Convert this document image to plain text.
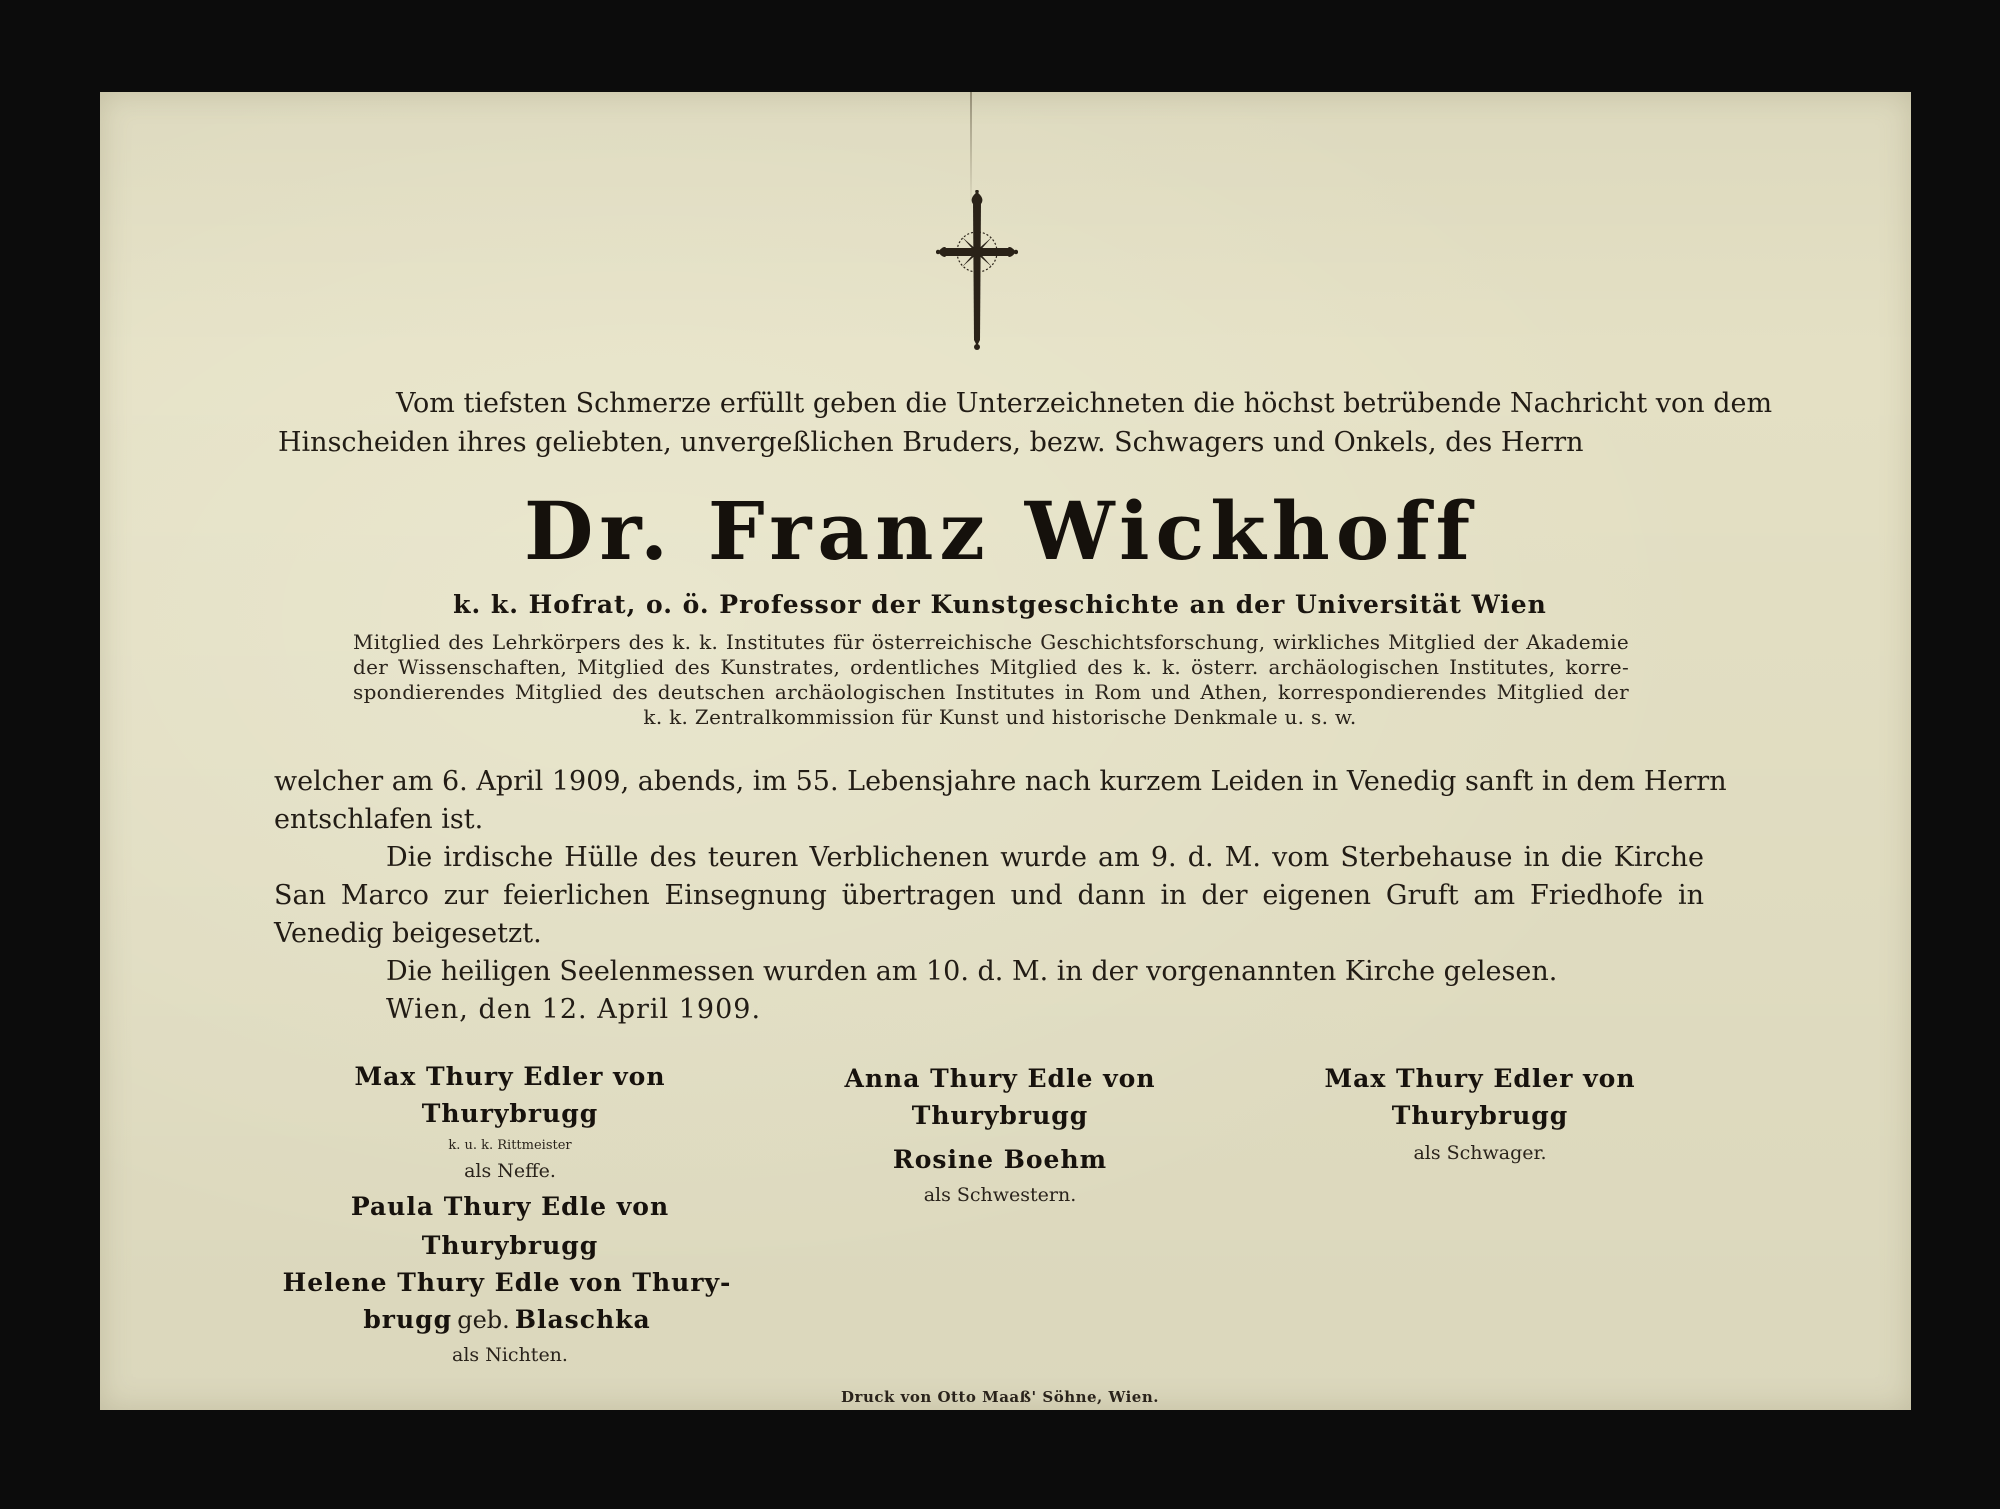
Vom tiefsten Schmerze erfüllt geben die Unterzeichneten die höchst betrübende Nachricht von dem
Hinscheiden ihres geliebten, unvergeßlichen Bruders, bezw. Schwagers und Onkels, des Herrn
Dr. Franz Wickhoff
k. k. Hofrat, o. ö. Professor der Kunstgeschichte an der Universität Wien
Mitglied des Lehrkörpers des k. k. Institutes für österreichische Geschichtsforschung, wirkliches Mitglied der Akademie
der Wissenschaften, Mitglied des Kunstrates, ordentliches Mitglied des k. k. österr. archäologischen Institutes, korre-
spondierendes Mitglied des deutschen archäologischen Institutes in Rom und Athen, korrespondierendes Mitglied der
k. k. Zentralkommission für Kunst und historische Denkmale u. s. w.
welcher am 6. April 1909, abends, im 55. Lebensjahre nach kurzem Leiden in Venedig sanft in dem Herrn
entschlafen ist.
Die irdische Hülle des teuren Verblichenen wurde am 9. d. M. vom Sterbehause in die Kirche
San Marco zur feierlichen Einsegnung übertragen und dann in der eigenen Gruft am Friedhofe in
Venedig beigesetzt.
Die heiligen Seelenmessen wurden am 10. d. M. in der vorgenannten Kirche gelesen.
Wien, den 12. April 1909.
Max Thury Edler von
Thurybrugg
k. u. k. Rittmeister
als Neffe.
Paula Thury Edle von
Thurybrugg
Helene Thury Edle von Thury-
brugg geb. Blaschka
als Nichten.
Anna Thury Edle von
Thurybrugg
Rosine Boehm
als Schwestern.
Max Thury Edler von
Thurybrugg
als Schwager.
Druck von Otto Maaß' Söhne, Wien.
